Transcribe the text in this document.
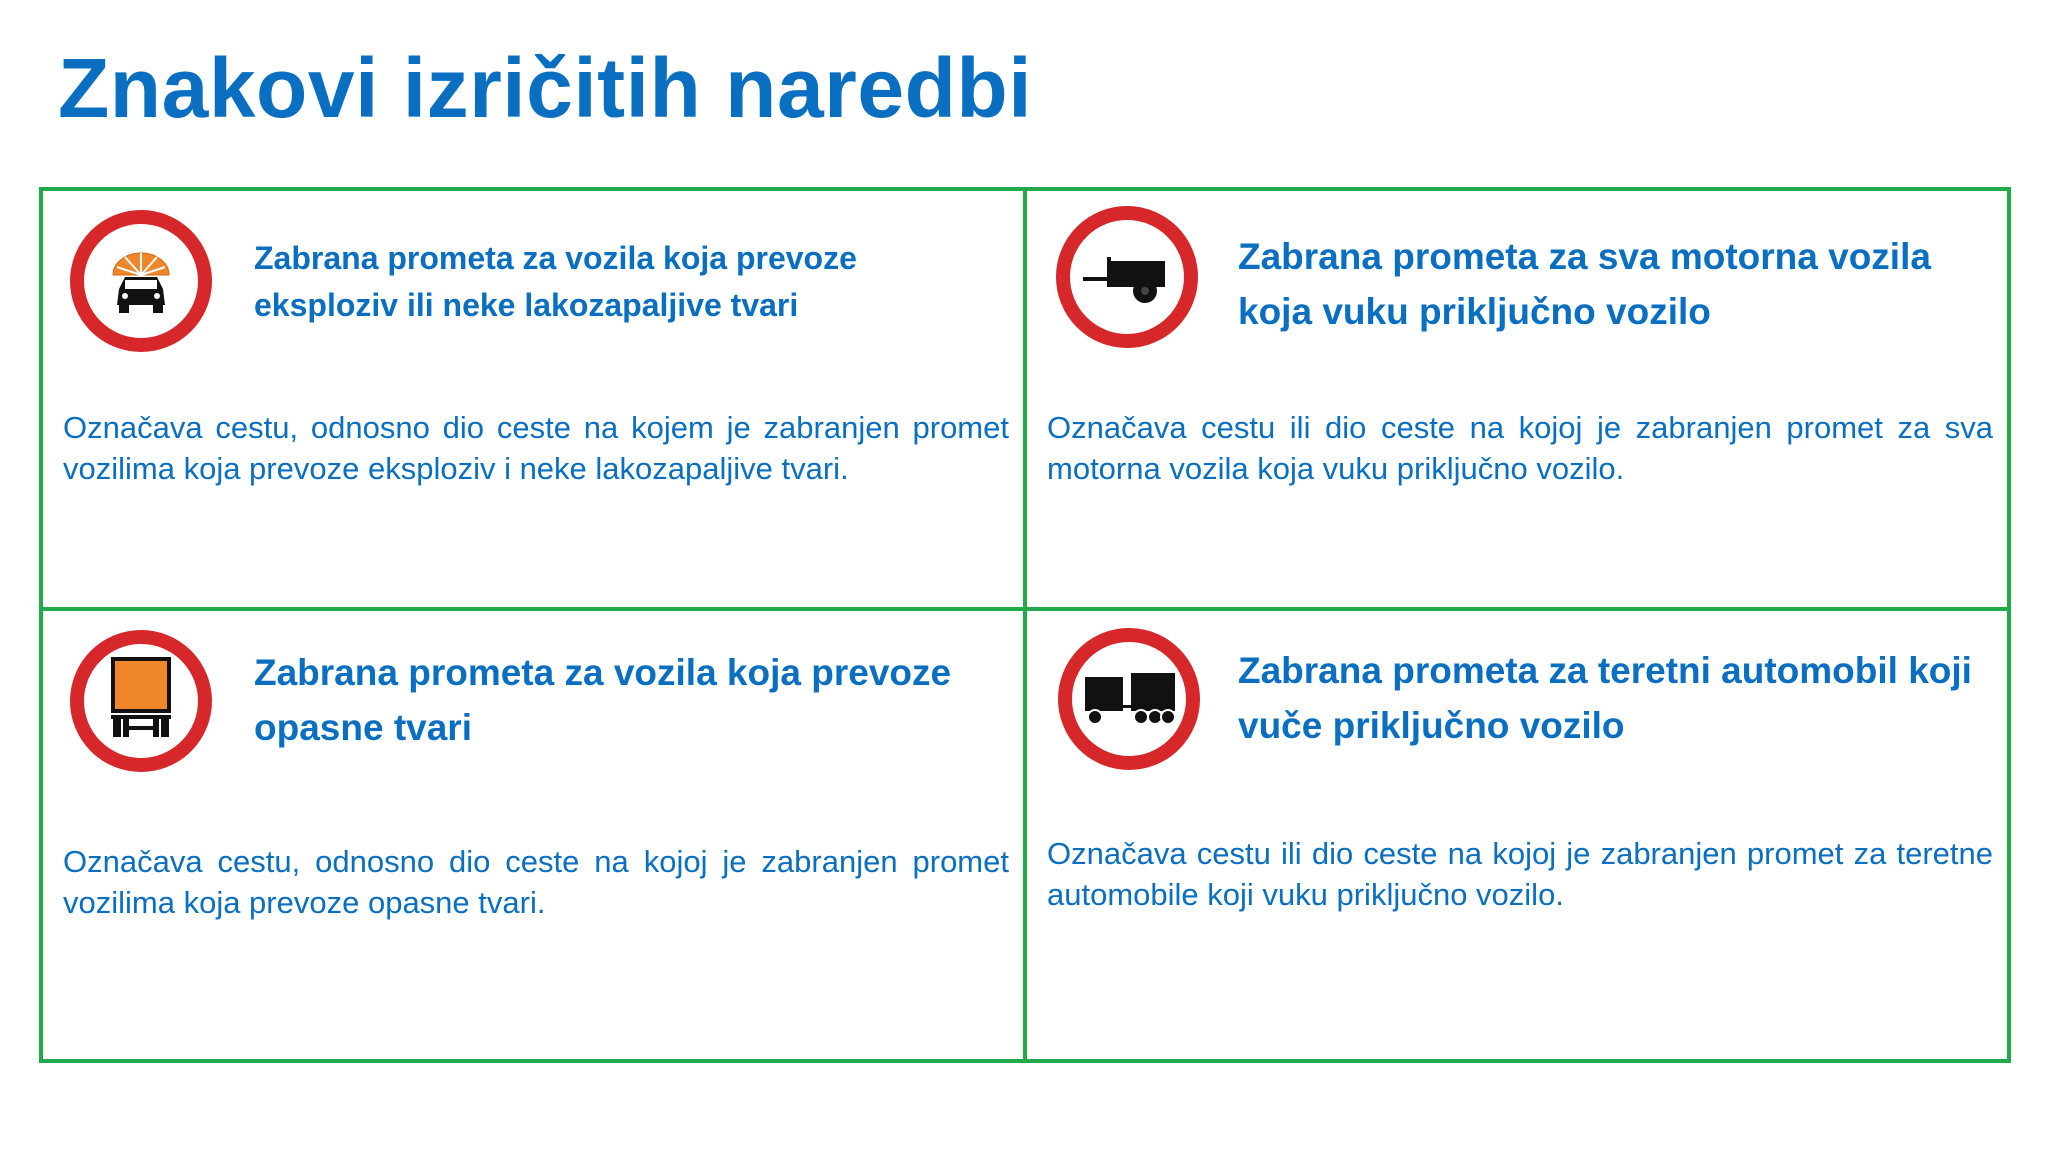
Znakovi izričitih naredbi

Zabrana prometa za vozila koja prevoze eksploziv ili neke lakozapaljive tvari

Označava cestu, odnosno dio ceste na kojem je zabranjen promet vozilima koja prevoze eksploziv i neke lakozapaljive tvari.

Zabrana prometa za sva motorna vozila koja vuku priključno vozilo

Označava cestu ili dio ceste na kojoj je zabranjen promet za sva motorna vozila koja vuku priključno vozilo.

Zabrana prometa za vozila koja prevoze opasne tvari

Označava cestu, odnosno dio ceste na kojoj je zabranjen promet vozilima koja prevoze opasne tvari.

Zabrana prometa za teretni automobil koji vuče priključno vozilo

Označava cestu ili dio ceste na kojoj je zabranjen promet za teretne automobile koji vuku priključno vozilo.
